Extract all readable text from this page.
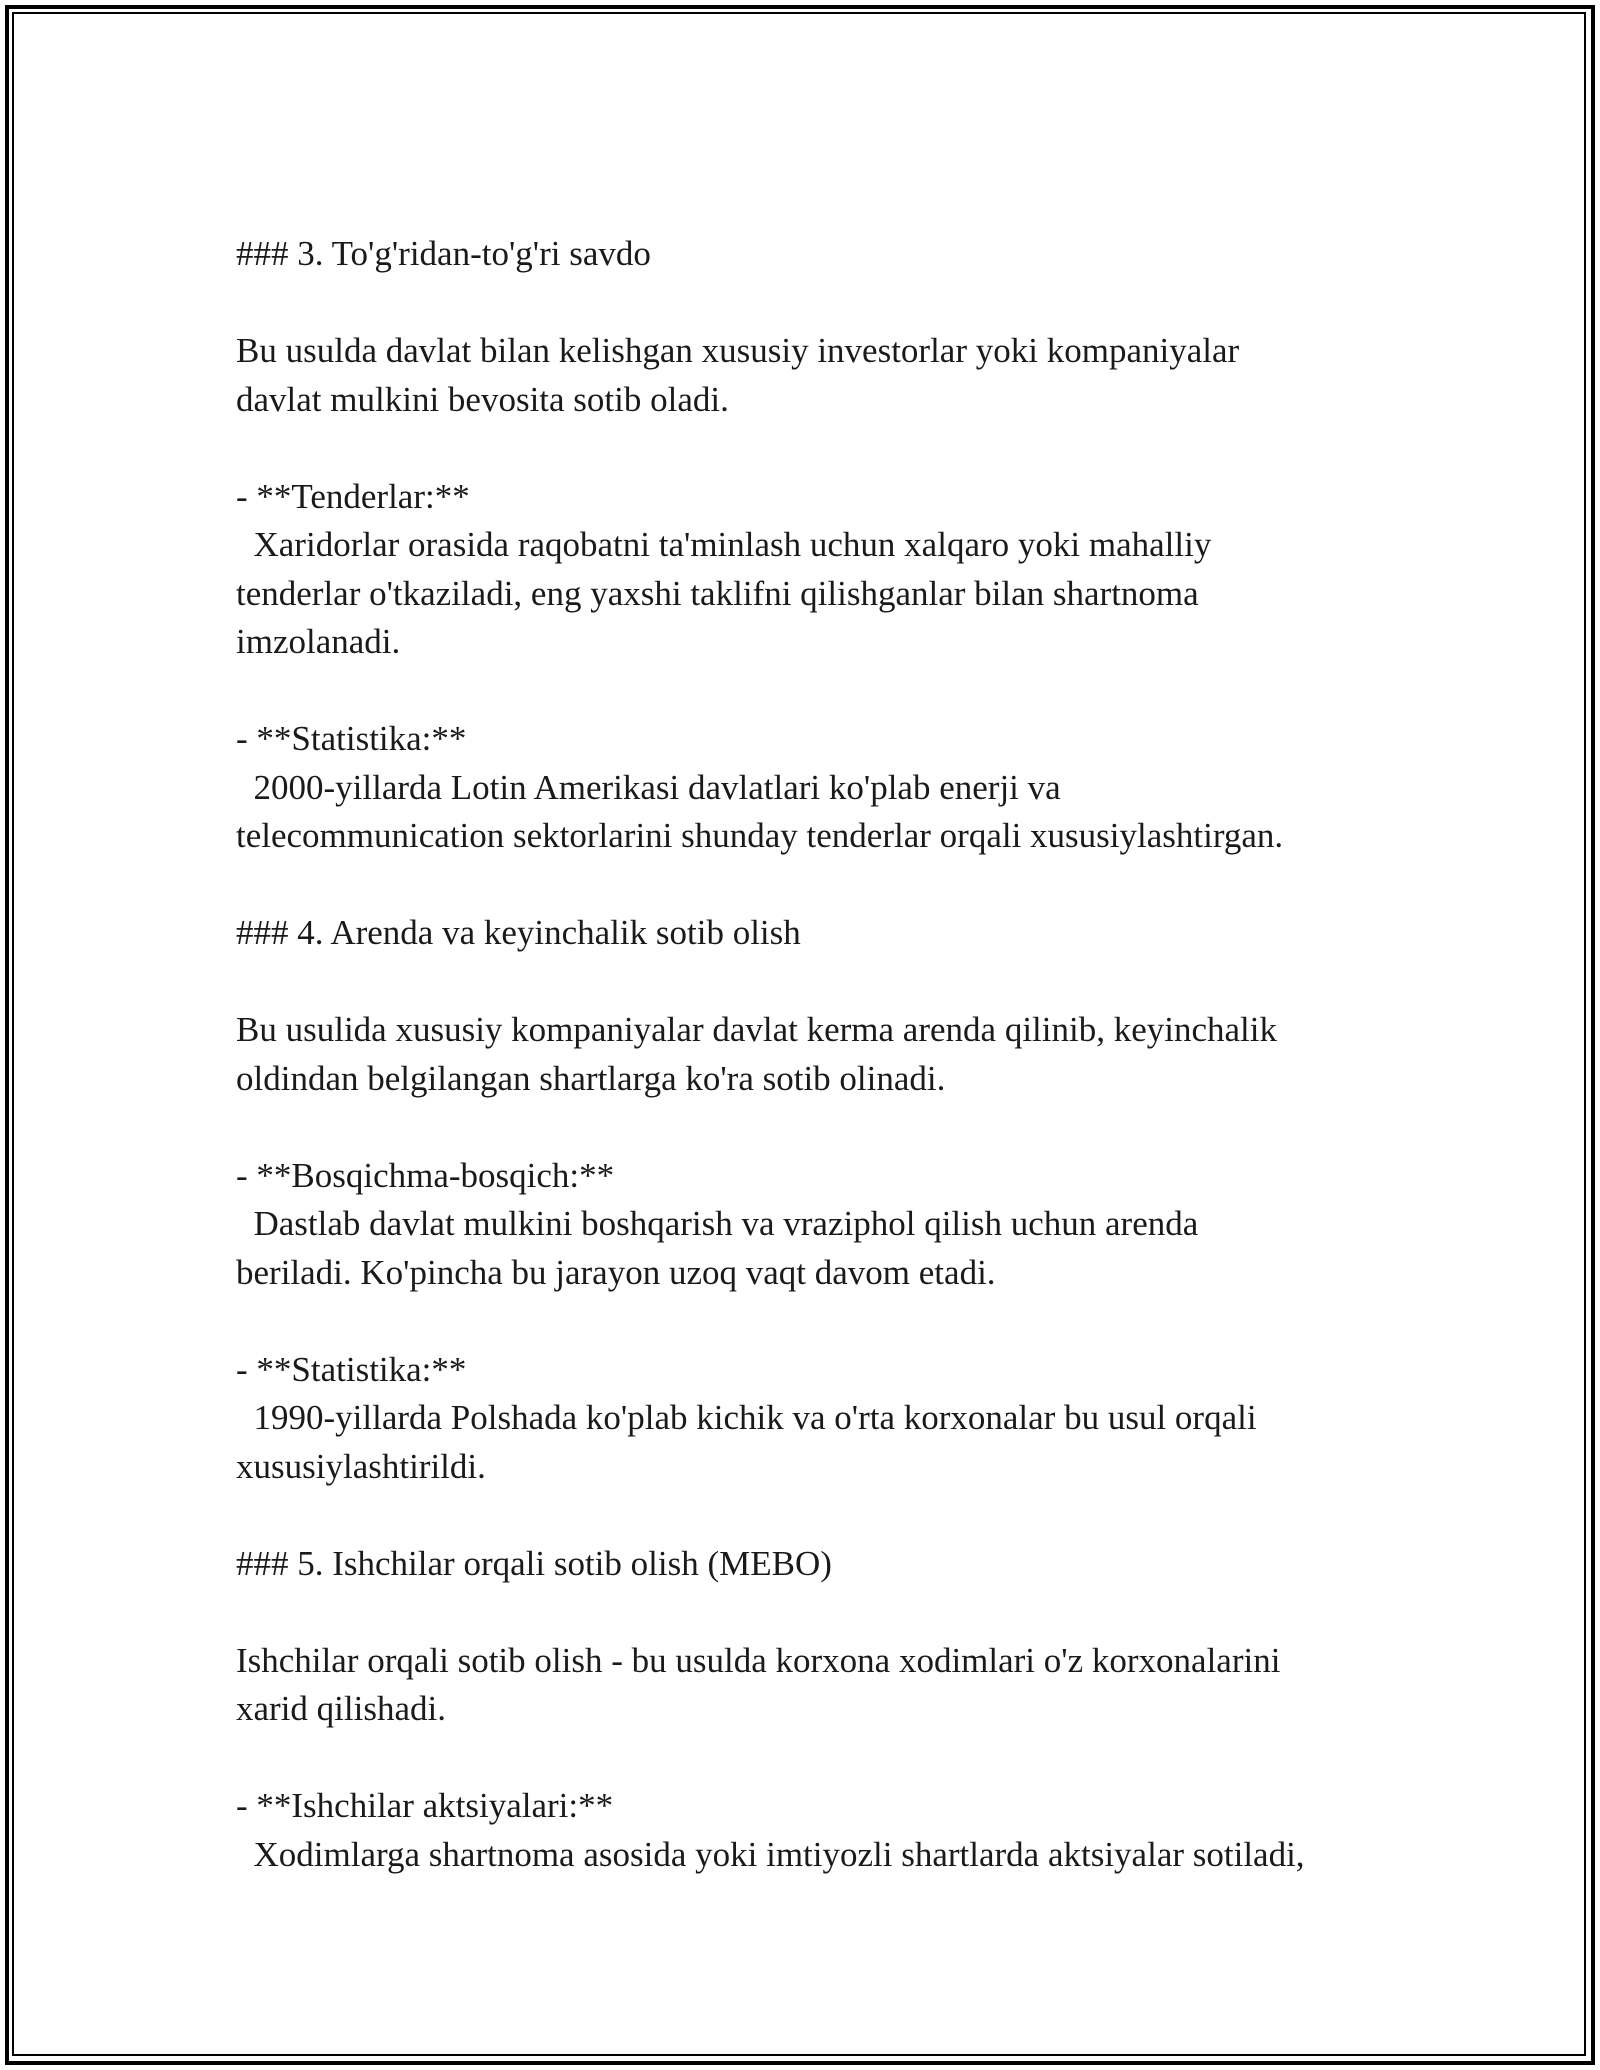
### 3. To'g'ridan-to'g'ri savdo
Bu usulda davlat bilan kelishgan xususiy investorlar yoki kompaniyalar
davlat mulkini bevosita sotib oladi.
- **Tenderlar:**
Xaridorlar orasida raqobatni ta'minlash uchun xalqaro yoki mahalliy
tenderlar o'tkaziladi, eng yaxshi taklifni qilishganlar bilan shartnoma
imzolanadi.
- **Statistika:**
2000-yillarda Lotin Amerikasi davlatlari ko'plab enerji va
telecommunication sektorlarini shunday tenderlar orqali xususiylashtirgan.
### 4. Arenda va keyinchalik sotib olish
Bu usulida xususiy kompaniyalar davlat kerma arenda qilinib, keyinchalik
oldindan belgilangan shartlarga ko'ra sotib olinadi.
- **Bosqichma-bosqich:**
Dastlab davlat mulkini boshqarish va vraziphol qilish uchun arenda
beriladi. Ko'pincha bu jarayon uzoq vaqt davom etadi.
- **Statistika:**
1990-yillarda Polshada ko'plab kichik va o'rta korxonalar bu usul orqali
xususiylashtirildi.
### 5. Ishchilar orqali sotib olish (MEBO)
Ishchilar orqali sotib olish - bu usulda korxona xodimlari o'z korxonalarini
xarid qilishadi.
- **Ishchilar aktsiyalari:**
Xodimlarga shartnoma asosida yoki imtiyozli shartlarda aktsiyalar sotiladi,
